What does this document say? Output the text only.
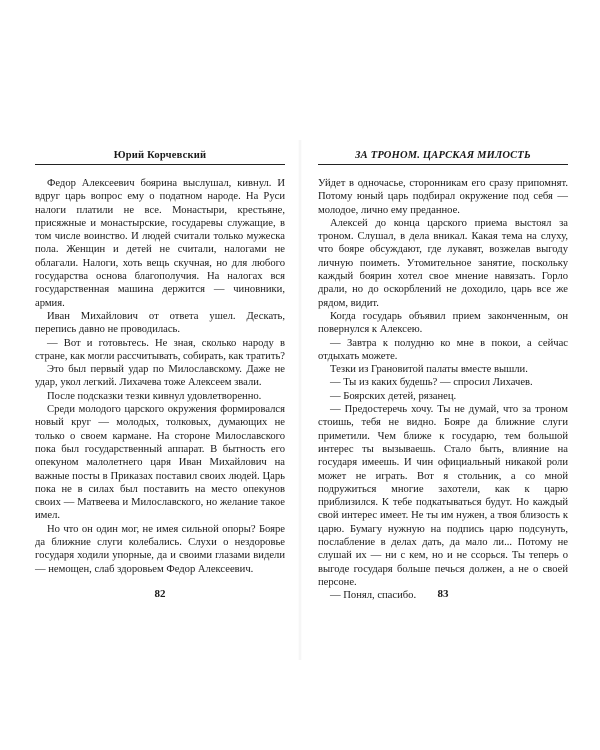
Юрий Корчевский

Федор Алексеевич боярина выслушал, кивнул. И вдруг царь вопрос ему о податном народе. На Руси налоги платили не все. Монастыри, крестьяне, присяжные и монастырские, государевы служащие, в том числе воинство. И людей считали только мужеска пола. Женщин и детей не считали, налогами не облагали. Налоги, хоть вещь скучная, но для любого государства основа благополучия. На налогах вся государственная машина держится — чиновники, армия.

Иван Михайлович от ответа ушел. Дескать, перепись давно не проводилась.

— Вот и готовьтесь. Не зная, сколько народу в стране, как могли рассчитывать, собирать, как тратить?

Это был первый удар по Милославскому. Даже не удар, укол легкий. Лихачева тоже Алексеем звали.

После подсказки тезки кивнул удовлетворенно.

Среди молодого царского окружения формировался новый круг — молодых, толковых, думающих не только о своем кармане. На стороне Милославского пока был государственный аппарат. В бытность его опекуном малолетнего царя Иван Михайлович на важные посты в Приказах поставил своих людей. Царь пока не в силах был поставить на место опекунов своих — Матвеева и Милославского, но желание такое имел.

Но что он один мог, не имея сильной опоры? Бояре да ближние слуги колебались. Слухи о нездоровье государя ходили упорные, да и своими глазами видели — немощен, слаб здоровьем Федор Алексеевич.

82
ЗА ТРОНОМ. ЦАРСКАЯ МИЛОСТЬ

Уйдет в одночасье, сторонникам его сразу припомнят. Потому юный царь подбирал окружение под себя — молодое, лично ему преданное.

Алексей до конца царского приема выстоял за троном. Слушал, в дела вникал. Какая тема на слуху, что бояре обсуждают, где лукавят, возжелав выгоду личную поиметь. Утомительное занятие, поскольку каждый боярин хотел свое мнение навязать. Горло драли, но до оскорблений не доходило, царь все же рядом, видит.

Когда государь объявил прием законченным, он повернулся к Алексею.

— Завтра к полудню ко мне в покои, а сейчас отдыхать можете.

Тезки из Грановитой палаты вместе вышли.

— Ты из каких будешь? — спросил Лихачев.

— Боярских детей, рязанец.

— Предостеречь хочу. Ты не думай, что за троном стоишь, тебя не видно. Бояре да ближние слуги приметили. Чем ближе к государю, тем большой интерес ты вызываешь. Стало быть, влияние на государя имеешь. И чин официальный никакой роли может не играть. Вот я стольник, а со мной подружиться многие захотели, как к царю приблизился. К тебе подкатываться будут. Но каждый свой интерес имеет. Не ты им нужен, а твоя близость к царю. Бумагу нужную на подпись царю подсунуть, послабление в делах дать, да мало ли... Потому не слушай их — ни с кем, но и не ссорься. Ты теперь о выгоде государя больше печься должен, а не о своей персоне.

— Понял, спасибо.	83
